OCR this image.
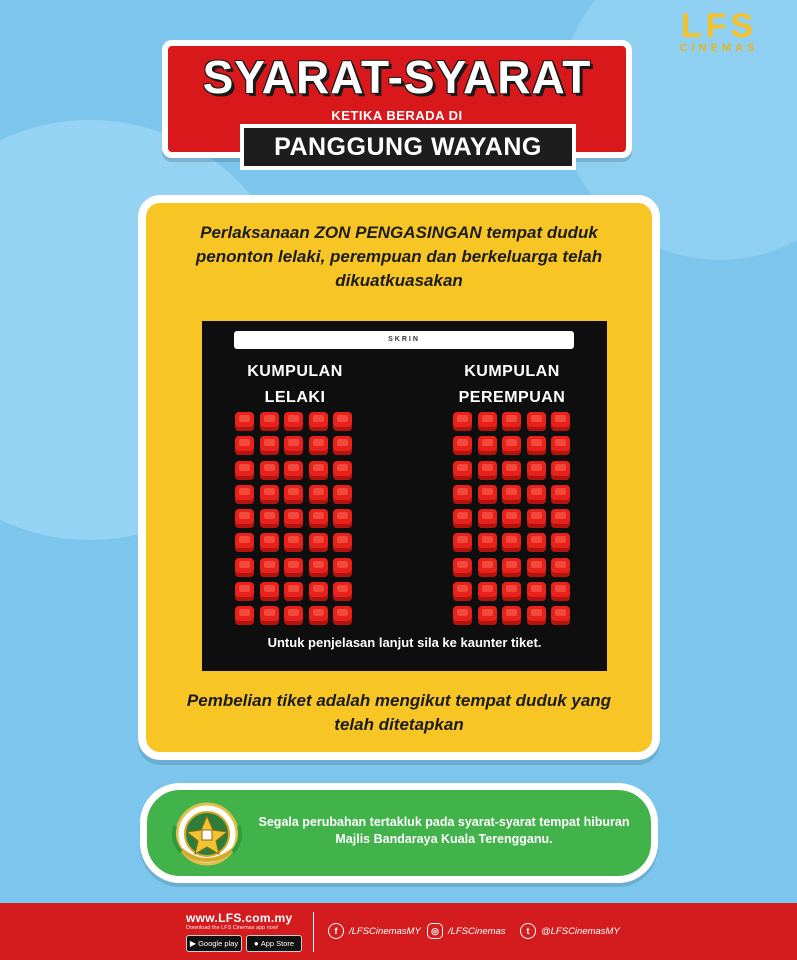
LFS
CINEMAS
SYARAT-SYARAT
KETIKA BERADA DI
PANGGUNG WAYANG
Perlaksanaan ZON PENGASINGAN tempat duduk penonton lelaki, perempuan dan berkeluarga telah dikuatkuasakan
SKRIN
KUMPULAN
LELAKI
KUMPULAN
PEREMPUAN
Untuk penjelasan lanjut sila ke kaunter tiket.
Pembelian tiket adalah mengikut tempat duduk yang telah ditetapkan
Segala perubahan tertakluk pada syarat-syarat tempat hiburan Majlis Bandaraya Kuala Terengganu.
www.LFS.com.my
Download the LFS Cinemas app now!
▶ Google play ● App Store
f	/LFSCinemasMY	◎ /LFSCinemas	t	@LFSCinemasMY
